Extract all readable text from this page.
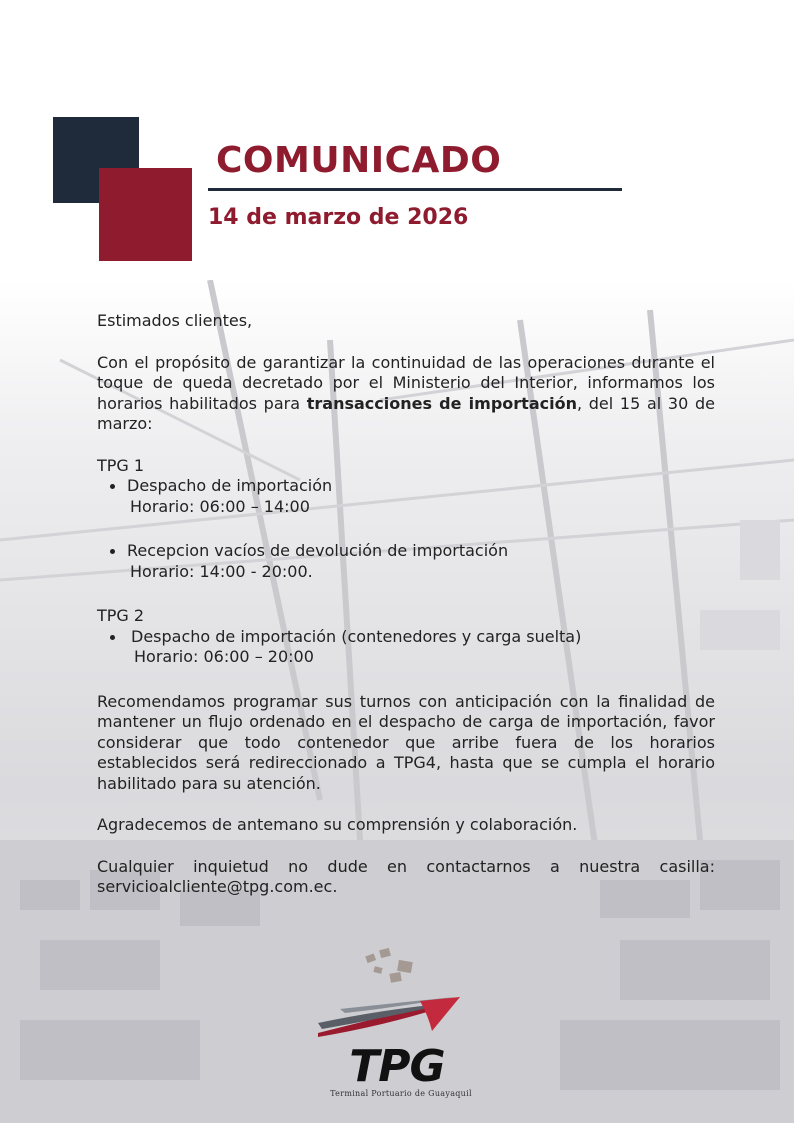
COMUNICADO
14 de marzo de 2026

Estimados clientes,

Con el propósito de garantizar la continuidad de las operaciones durante el toque de queda decretado por el Ministerio del Interior, informamos los horarios habilitados para transacciones de importación, del 15 al 30 de marzo:

TPG 1

Despacho de importación
Horario: 06:00 – 14:00
Recepcion vacíos de devolución de importación
Horario: 14:00 - 20:00.

TPG 2

Despacho de importación (contenedores y carga suelta)
Horario: 06:00 – 20:00

Recomendamos programar sus turnos con anticipación con la finalidad de mantener un flujo ordenado en el despacho de carga de importación, favor considerar que todo contenedor que arribe fuera de los horarios establecidos será redireccionado a TPG4, hasta que se cumpla el horario habilitado para su atención.

Agradecemos de antemano su comprensión y colaboración.

Cualquier inquietud no dude en contactarnos a nuestra casilla: servicioalcliente@tpg.com.ec.

TPG
Terminal Portuario de Guayaquil
